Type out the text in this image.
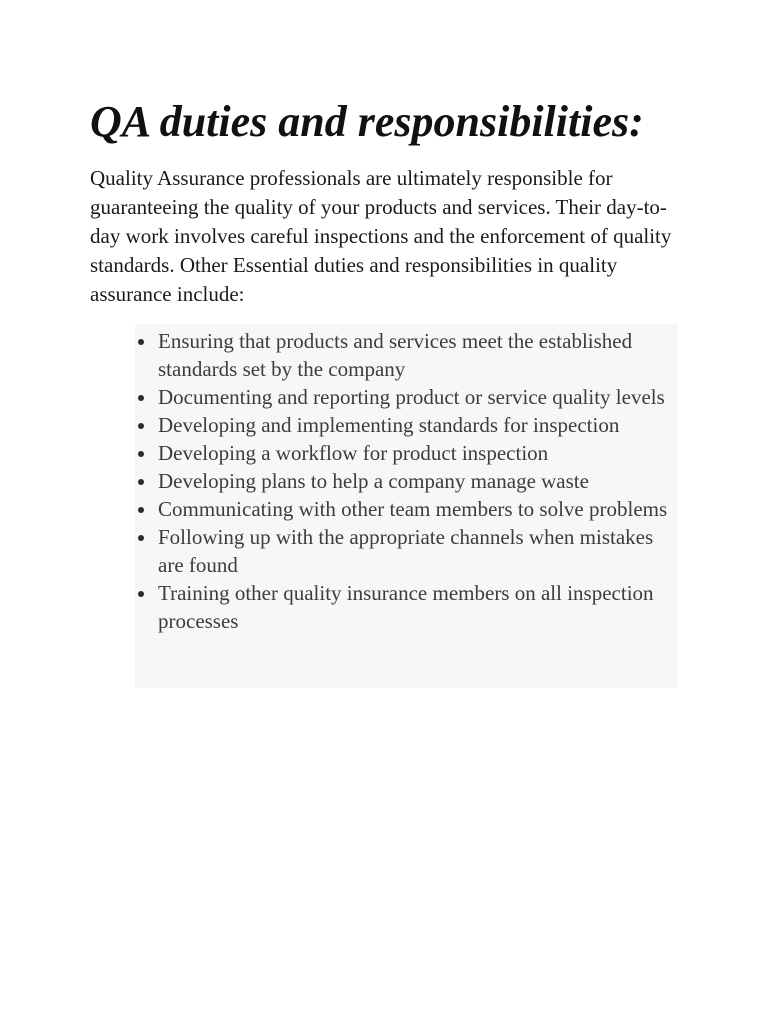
QA duties and responsibilities:

Quality Assurance professionals are ultimately responsible for guaranteeing the quality of your products and services. Their day-to-day work involves careful inspections and the enforcement of quality standards. Other Essential duties and responsibilities in quality assurance include:

Ensuring that products and services meet the established standards set by the company
Documenting and reporting product or service quality levels
Developing and implementing standards for inspection
Developing a workflow for product inspection
Developing plans to help a company manage waste
Communicating with other team members to solve problems
Following up with the appropriate channels when mistakes are found
Training other quality insurance members on all inspection processes
